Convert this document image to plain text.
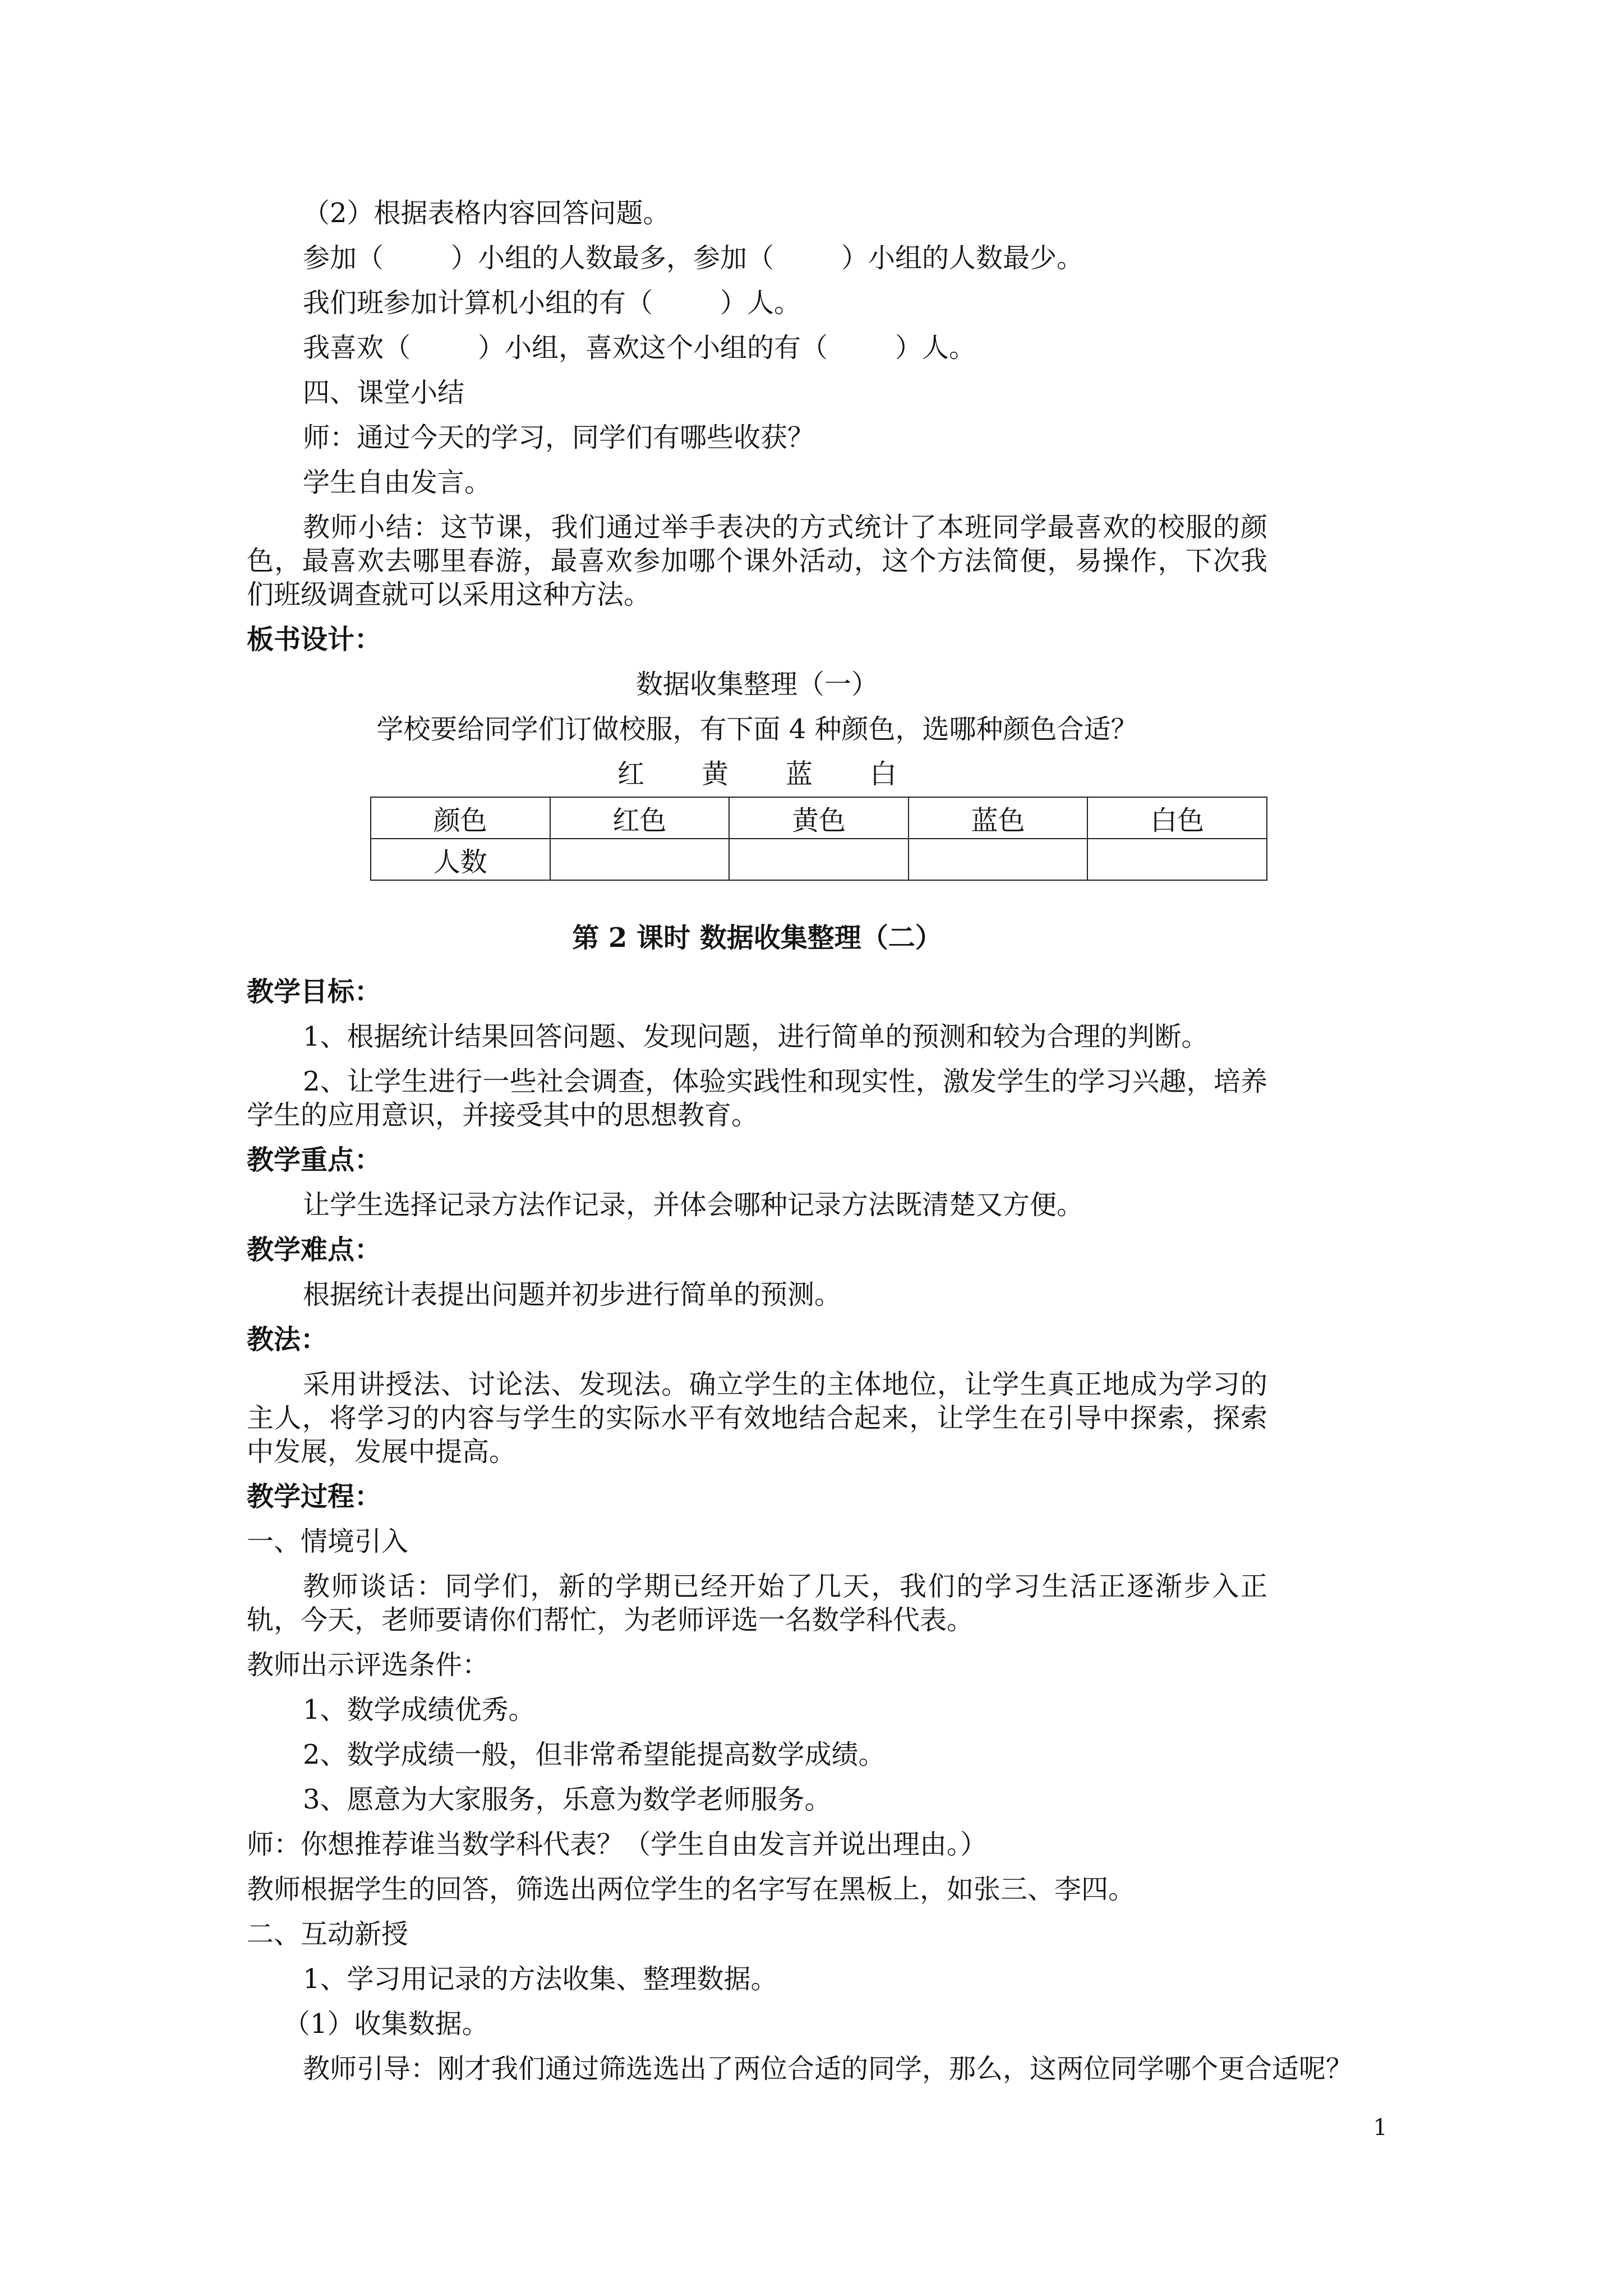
（2）根据表格内容回答问题。

参加（	）小组的人数最多，参加（	）小组的人数最少。

我们班参加计算机小组的有（	）人。

我喜欢（	）小组，喜欢这个小组的有（	）人。

四、课堂小结

师：通过今天的学习，同学们有哪些收获？

学生自由发言。

教师小结：这节课，我们通过举手表决的方式统计了本班同学最喜欢的校服的颜色，最喜欢去哪里春游，最喜欢参加哪个课外活动，这个方法简便，易操作，下次我们班级调查就可以采用这种方法。

板书设计：

数据收集整理（一）

学校要给同学们订做校服，有下面 4 种颜色，选哪种颜色合适？

红 黄 蓝 白

颜色	红色	黄色	蓝色	白色
人数				

第 2 课时 数据收集整理（二）

教学目标：

1、根据统计结果回答问题、发现问题，进行简单的预测和较为合理的判断。

2、让学生进行一些社会调查，体验实践性和现实性，激发学生的学习兴趣，培养学生的应用意识，并接受其中的思想教育。

教学重点：

让学生选择记录方法作记录，并体会哪种记录方法既清楚又方便。

教学难点：

根据统计表提出问题并初步进行简单的预测。

教法：

采用讲授法、讨论法、发现法。确立学生的主体地位，让学生真正地成为学习的主人，将学习的内容与学生的实际水平有效地结合起来，让学生在引导中探索，探索中发展，发展中提高。

教学过程：

一、情境引入

教师谈话：同学们，新的学期已经开始了几天，我们的学习生活正逐渐步入正轨，今天，老师要请你们帮忙，为老师评选一名数学科代表。

教师出示评选条件：

1、数学成绩优秀。

2、数学成绩一般，但非常希望能提高数学成绩。

3、愿意为大家服务，乐意为数学老师服务。

师：你想推荐谁当数学科代表？（学生自由发言并说出理由。）

教师根据学生的回答，筛选出两位学生的名字写在黑板上，如张三、李四。

二、互动新授

1、学习用记录的方法收集、整理数据。

（1）收集数据。

教师引导：刚才我们通过筛选选出了两位合适的同学，那么，这两位同学哪个更合适呢？

1
